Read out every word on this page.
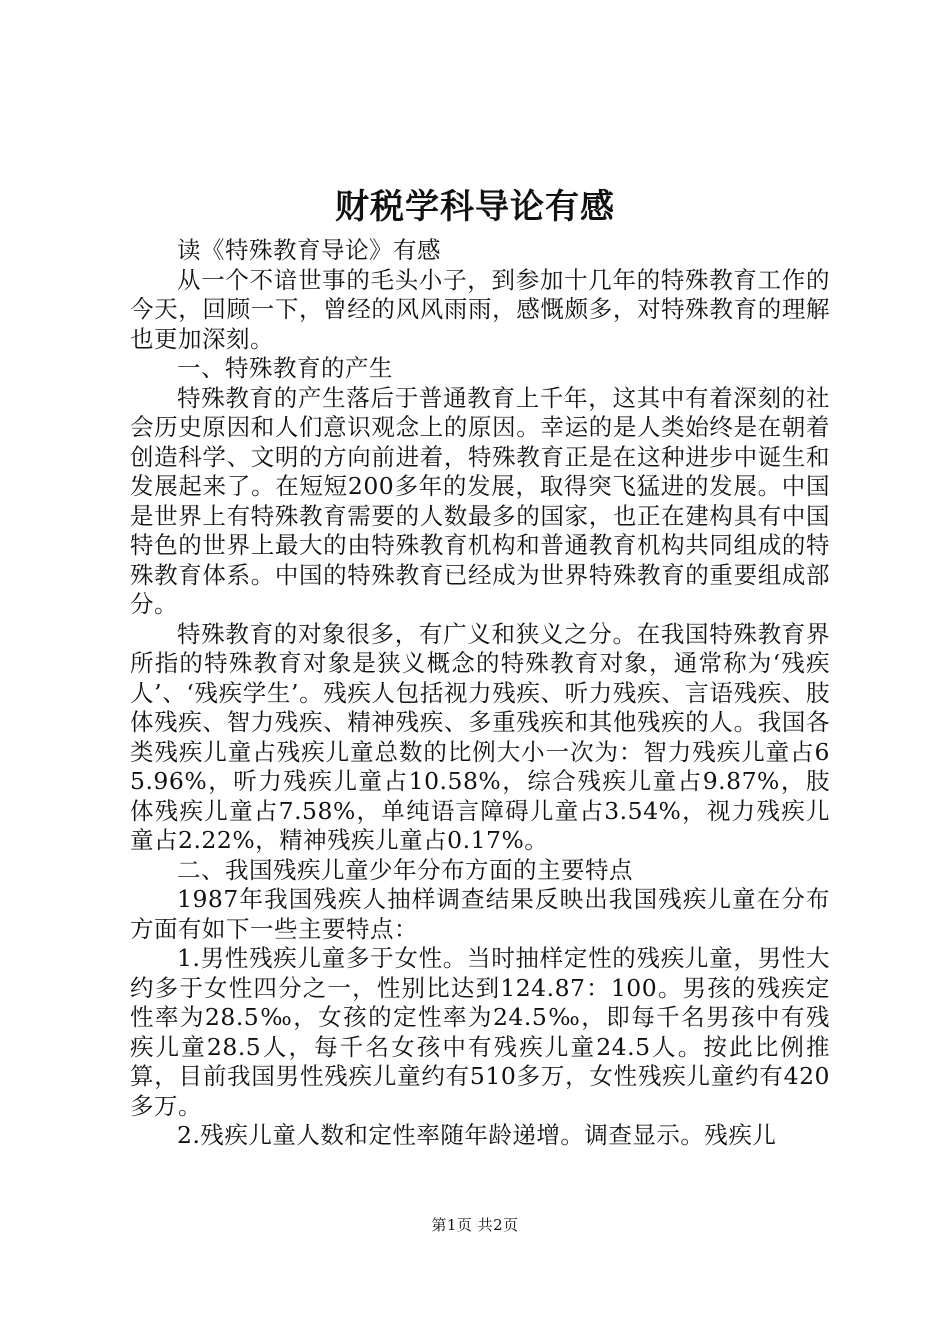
财税学科导论有感

读《特殊教育导论》有感

从一个不谙世事的毛头小子，到参加十几年的特殊教育工作的今天，回顾一下，曾经的风风雨雨，感慨颇多，对特殊教育的理解也更加深刻。

一、特殊教育的产生

特殊教育的产生落后于普通教育上千年，这其中有着深刻的社会历史原因和人们意识观念上的原因。幸运的是人类始终是在朝着创造科学、文明的方向前进着，特殊教育正是在这种进步中诞生和发展起来了。在短短200多年的发展，取得突飞猛进的发展。中国是世界上有特殊教育需要的人数最多的国家，也正在建构具有中国特色的世界上最大的由特殊教育机构和普通教育机构共同组成的特殊教育体系。中国的特殊教育已经成为世界特殊教育的重要组成部分。

特殊教育的对象很多，有广义和狭义之分。在我国特殊教育界所指的特殊教育对象是狭义概念的特殊教育对象，通常称为‘残疾人’、‘残疾学生’。残疾人包括视力残疾、听力残疾、言语残疾、肢体残疾、智力残疾、精神残疾、多重残疾和其他残疾的人。我国各类残疾儿童占残疾儿童总数的比例大小一次为：智力残疾儿童占65.96%，听力残疾儿童占10.58%，综合残疾儿童占9.87%，肢体残疾儿童占7.58%，单纯语言障碍儿童占3.54%，视力残疾儿童占2.22%，精神残疾儿童占0.17%。

二、我国残疾儿童少年分布方面的主要特点

1987年我国残疾人抽样调查结果反映出我国残疾儿童在分布方面有如下一些主要特点：

1.男性残疾儿童多于女性。当时抽样定性的残疾儿童，男性大约多于女性四分之一，性别比达到124.87：100。男孩的残疾定性率为28.5‰，女孩的定性率为24.5‰，即每千名男孩中有残疾儿童28.5人，每千名女孩中有残疾儿童24.5人。按此比例推算，目前我国男性残疾儿童约有510多万，女性残疾儿童约有420多万。

2.残疾儿童人数和定性率随年龄递增。调查显示。残疾儿

第1页 共2页
